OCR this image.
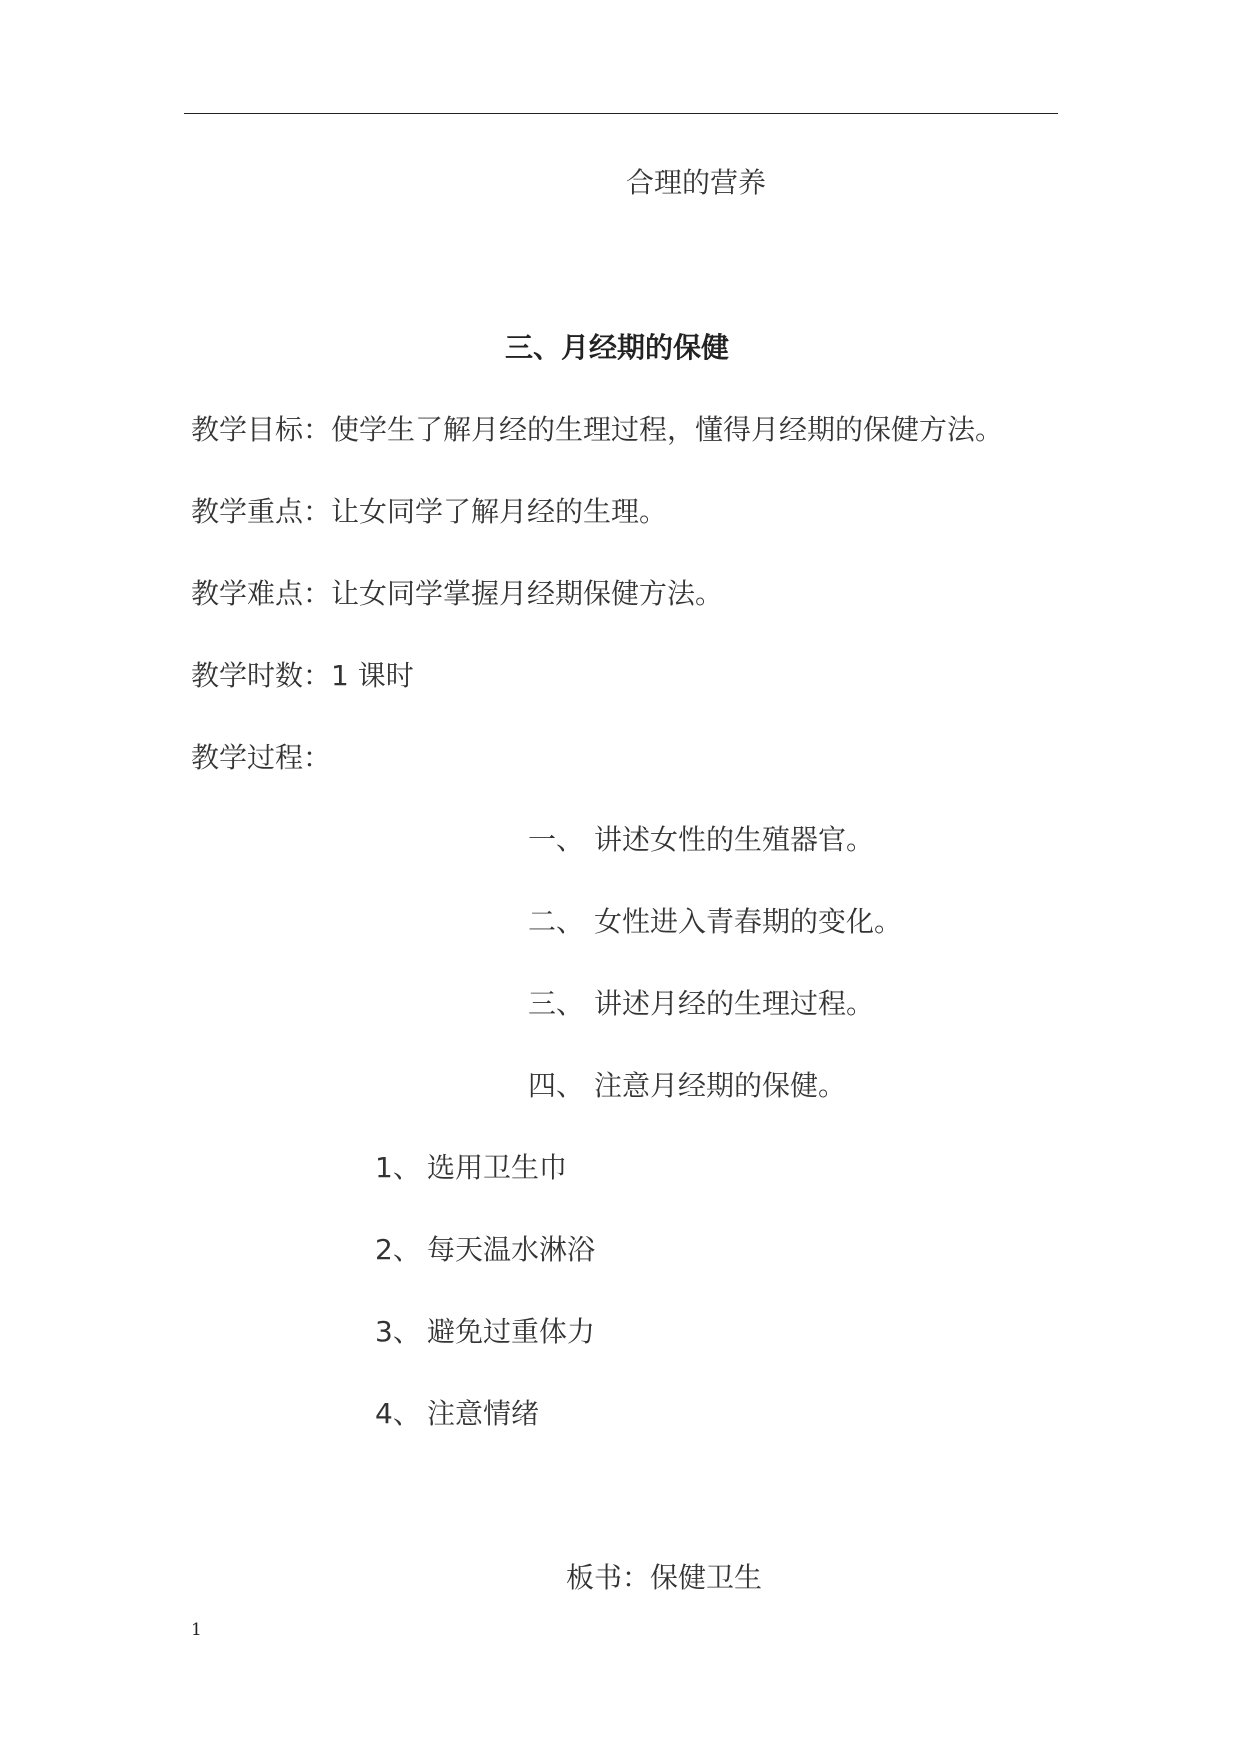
合理的营养
三、月经期的保健
教学目标：使学生了解月经的生理过程，懂得月经期的保健方法。
教学重点：让女同学了解月经的生理。
教学难点：让女同学掌握月经期保健方法。
教学时数：1 课时
教学过程：
一、 讲述女性的生殖器官。
二、 女性进入青春期的变化。
三、 讲述月经的生理过程。
四、 注意月经期的保健。
1、 选用卫生巾
2、 每天温水淋浴
3、 避免过重体力
4、 注意情绪
板书：保健卫生
1
